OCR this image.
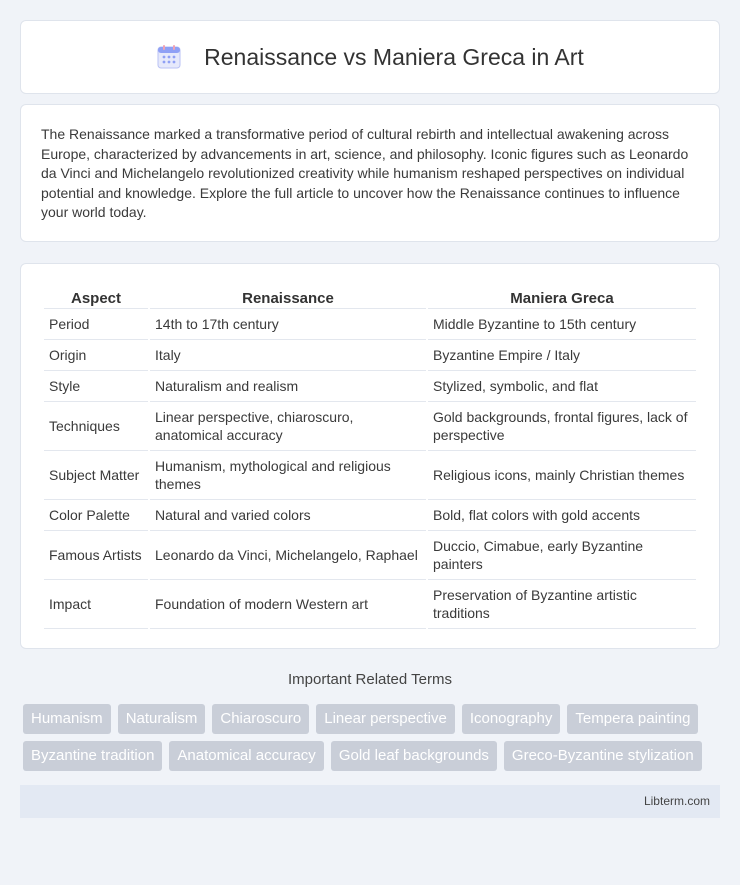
Renaissance vs Maniera Greca in Art

The Renaissance marked a transformative period of cultural rebirth and intellectual awakening across Europe, characterized by advancements in art, science, and philosophy. Iconic figures such as Leonardo da Vinci and Michelangelo revolutionized creativity while humanism reshaped perspectives on individual potential and knowledge. Explore the full article to uncover how the Renaissance continues to influence your world today.

Aspect	Renaissance	Maniera Greca
Period	14th to 17th century	Middle Byzantine to 15th century
Origin	Italy	Byzantine Empire / Italy
Style	Naturalism and realism	Stylized, symbolic, and flat
Techniques	Linear perspective, chiaroscuro, anatomical accuracy	Gold backgrounds, frontal figures, lack of perspective
Subject Matter	Humanism, mythological and religious themes	Religious icons, mainly Christian themes
Color Palette	Natural and varied colors	Bold, flat colors with gold accents
Famous Artists	Leonardo da Vinci, Michelangelo, Raphael	Duccio, Cimabue, early Byzantine painters
Impact	Foundation of modern Western art	Preservation of Byzantine artistic traditions
Important Related Terms
Humanism	Naturalism	Chiaroscuro	Linear perspective	Iconography	Tempera painting
Byzantine tradition	Anatomical accuracy	Gold leaf backgrounds	Greco-Byzantine stylization
Libterm.com
